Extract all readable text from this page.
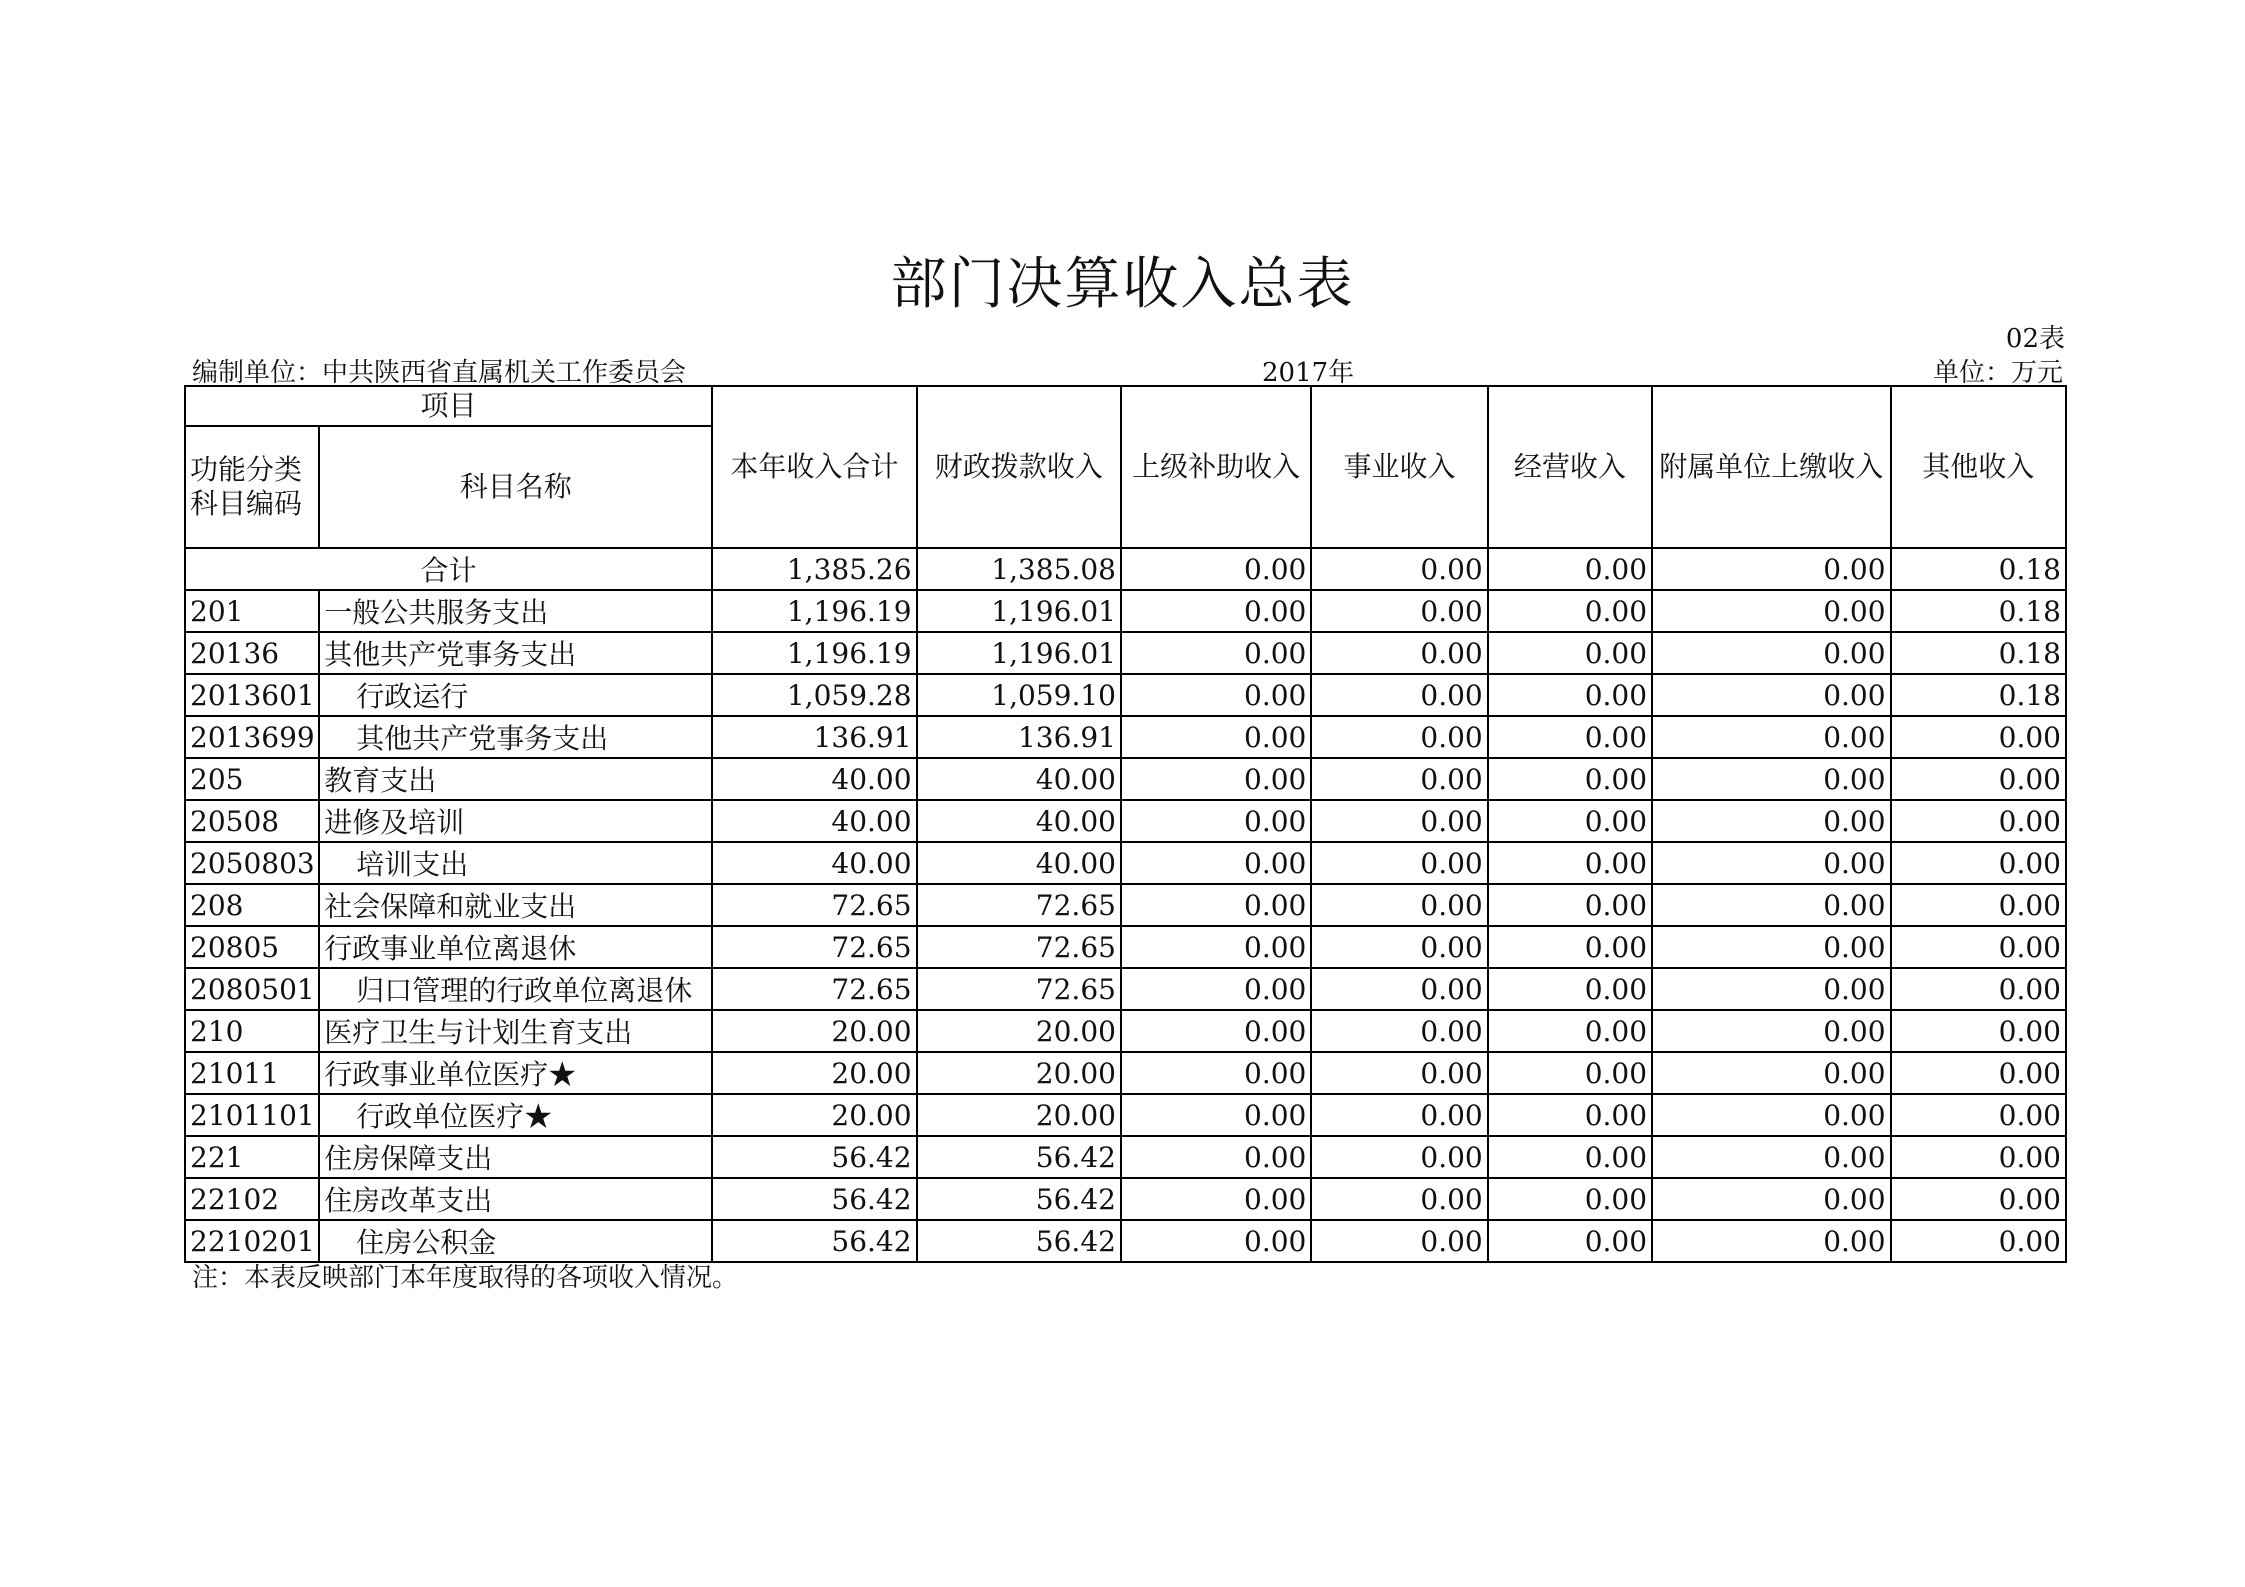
部门决算收入总表
02表
编制单位：中共陕西省直属机关工作委员会	2017年	单位：万元
项目		本年收入合计	财政拨款收入	上级补助收入	事业收入	经营收入	附属单位上缴收入	其他收入
功能分类科目编码	科目名称							
合计		1,385.26	1,385.08	0.00	0.00	0.00	0.00	0.18
201	一般公共服务支出	1,196.19	1,196.01	0.00	0.00	0.00	0.00	0.18
20136	其他共产党事务支出	1,196.19	1,196.01	0.00	0.00	0.00	0.00	0.18
2013601	行政运行	1,059.28	1,059.10	0.00	0.00	0.00	0.00	0.18
2013699	其他共产党事务支出	136.91	136.91	0.00	0.00	0.00	0.00	0.00
205	教育支出	40.00	40.00	0.00	0.00	0.00	0.00	0.00
20508	进修及培训	40.00	40.00	0.00	0.00	0.00	0.00	0.00
2050803	培训支出	40.00	40.00	0.00	0.00	0.00	0.00	0.00
208	社会保障和就业支出	72.65	72.65	0.00	0.00	0.00	0.00	0.00
20805	行政事业单位离退休	72.65	72.65	0.00	0.00	0.00	0.00	0.00
2080501	归口管理的行政单位离退休	72.65	72.65	0.00	0.00	0.00	0.00	0.00
210	医疗卫生与计划生育支出	20.00	20.00	0.00	0.00	0.00	0.00	0.00
21011	行政事业单位医疗★	20.00	20.00	0.00	0.00	0.00	0.00	0.00
2101101	行政单位医疗★	20.00	20.00	0.00	0.00	0.00	0.00	0.00
221	住房保障支出	56.42	56.42	0.00	0.00	0.00	0.00	0.00
22102	住房改革支出	56.42	56.42	0.00	0.00	0.00	0.00	0.00
2210201	住房公积金	56.42	56.42	0.00	0.00	0.00	0.00	0.00
注：本表反映部门本年度取得的各项收入情况。
